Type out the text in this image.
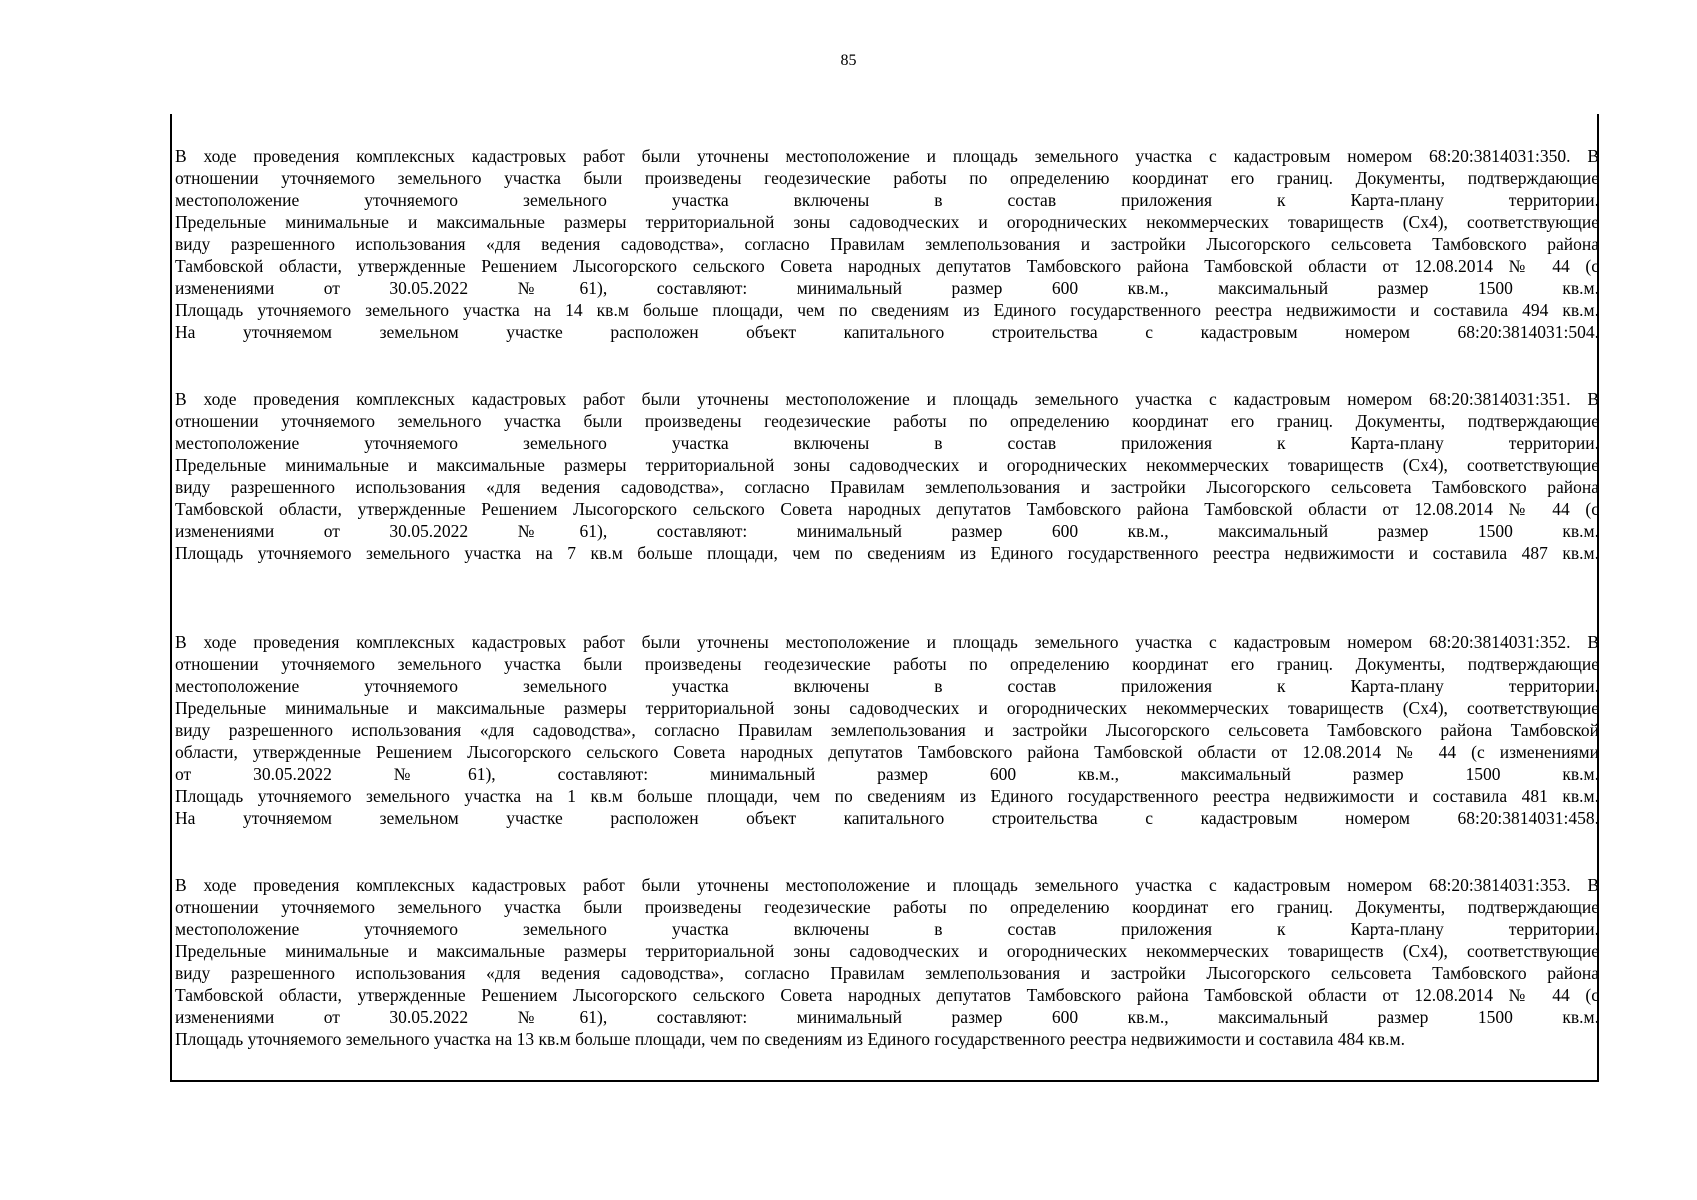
85
В ходе проведения комплексных кадастровых работ были уточнены местоположение и площадь земельного участка с кадастровым номером 68:20:3814031:350. В
отношении уточняемого земельного участка были произведены геодезические работы по определению координат его границ. Документы, подтверждающие
местоположение уточняемого земельного участка включены в состав приложения к Карта-плану территории.
Предельные минимальные и максимальные размеры территориальной зоны садоводческих и огороднических некоммерческих товариществ (Сх4), соответствующие
виду разрешенного использования «для ведения садоводства», согласно Правилам землепользования и застройки Лысогорского сельсовета Тамбовского района
Тамбовской области, утвержденные Решением Лысогорского сельского Совета народных депутатов Тамбовского района Тамбовской области от 12.08.2014 № 44 (с
изменениями от 30.05.2022 №61), составляют: минимальный размер 600 кв.м., максимальный размер 1500 кв.м.
Площадь уточняемого земельного участка на 14 кв.м больше площади, чем по сведениям из Единого государственного реестра недвижимости и составила 494 кв.м.
На уточняемом земельном участке расположен объект капитального строительства с кадастровым номером 68:20:3814031:504.
В ходе проведения комплексных кадастровых работ были уточнены местоположение и площадь земельного участка с кадастровым номером 68:20:3814031:351. В
отношении уточняемого земельного участка были произведены геодезические работы по определению координат его границ. Документы, подтверждающие
местоположение уточняемого земельного участка включены в состав приложения к Карта-плану территории.
Предельные минимальные и максимальные размеры территориальной зоны садоводческих и огороднических некоммерческих товариществ (Сх4), соответствующие
виду разрешенного использования «для ведения садоводства», согласно Правилам землепользования и застройки Лысогорского сельсовета Тамбовского района
Тамбовской области, утвержденные Решением Лысогорского сельского Совета народных депутатов Тамбовского района Тамбовской области от 12.08.2014 № 44 (с
изменениями от 30.05.2022 №61), составляют: минимальный размер 600 кв.м., максимальный размер 1500 кв.м.
Площадь уточняемого земельного участка на 7 кв.м больше площади, чем по сведениям из Единого государственного реестра недвижимости и составила 487 кв.м.
В ходе проведения комплексных кадастровых работ были уточнены местоположение и площадь земельного участка с кадастровым номером 68:20:3814031:352. В
отношении уточняемого земельного участка были произведены геодезические работы по определению координат его границ. Документы, подтверждающие
местоположение уточняемого земельного участка включены в состав приложения к Карта-плану территории.
Предельные минимальные и максимальные размеры территориальной зоны садоводческих и огороднических некоммерческих товариществ (Сх4), соответствующие
виду разрешенного использования «для садоводства», согласно Правилам землепользования и застройки Лысогорского сельсовета Тамбовского района Тамбовской
области, утвержденные Решением Лысогорского сельского Совета народных депутатов Тамбовского района Тамбовской области от 12.08.2014 № 44 (с изменениями
от 30.05.2022 №61), составляют: минимальный размер 600 кв.м., максимальный размер 1500 кв.м.
Площадь уточняемого земельного участка на 1 кв.м больше площади, чем по сведениям из Единого государственного реестра недвижимости и составила 481 кв.м.
На уточняемом земельном участке расположен объект капитального строительства с кадастровым номером 68:20:3814031:458.
В ходе проведения комплексных кадастровых работ были уточнены местоположение и площадь земельного участка с кадастровым номером 68:20:3814031:353. В
отношении уточняемого земельного участка были произведены геодезические работы по определению координат его границ. Документы, подтверждающие
местоположение уточняемого земельного участка включены в состав приложения к Карта-плану территории.
Предельные минимальные и максимальные размеры территориальной зоны садоводческих и огороднических некоммерческих товариществ (Сх4), соответствующие
виду разрешенного использования «для ведения садоводства», согласно Правилам землепользования и застройки Лысогорского сельсовета Тамбовского района
Тамбовской области, утвержденные Решением Лысогорского сельского Совета народных депутатов Тамбовского района Тамбовской области от 12.08.2014 № 44 (с
изменениями от 30.05.2022 №61), составляют: минимальный размер 600 кв.м., максимальный размер 1500 кв.м.
Площадь уточняемого земельного участка на 13 кв.м больше площади, чем по сведениям из Единого государственного реестра недвижимости и составила 484 кв.м.
